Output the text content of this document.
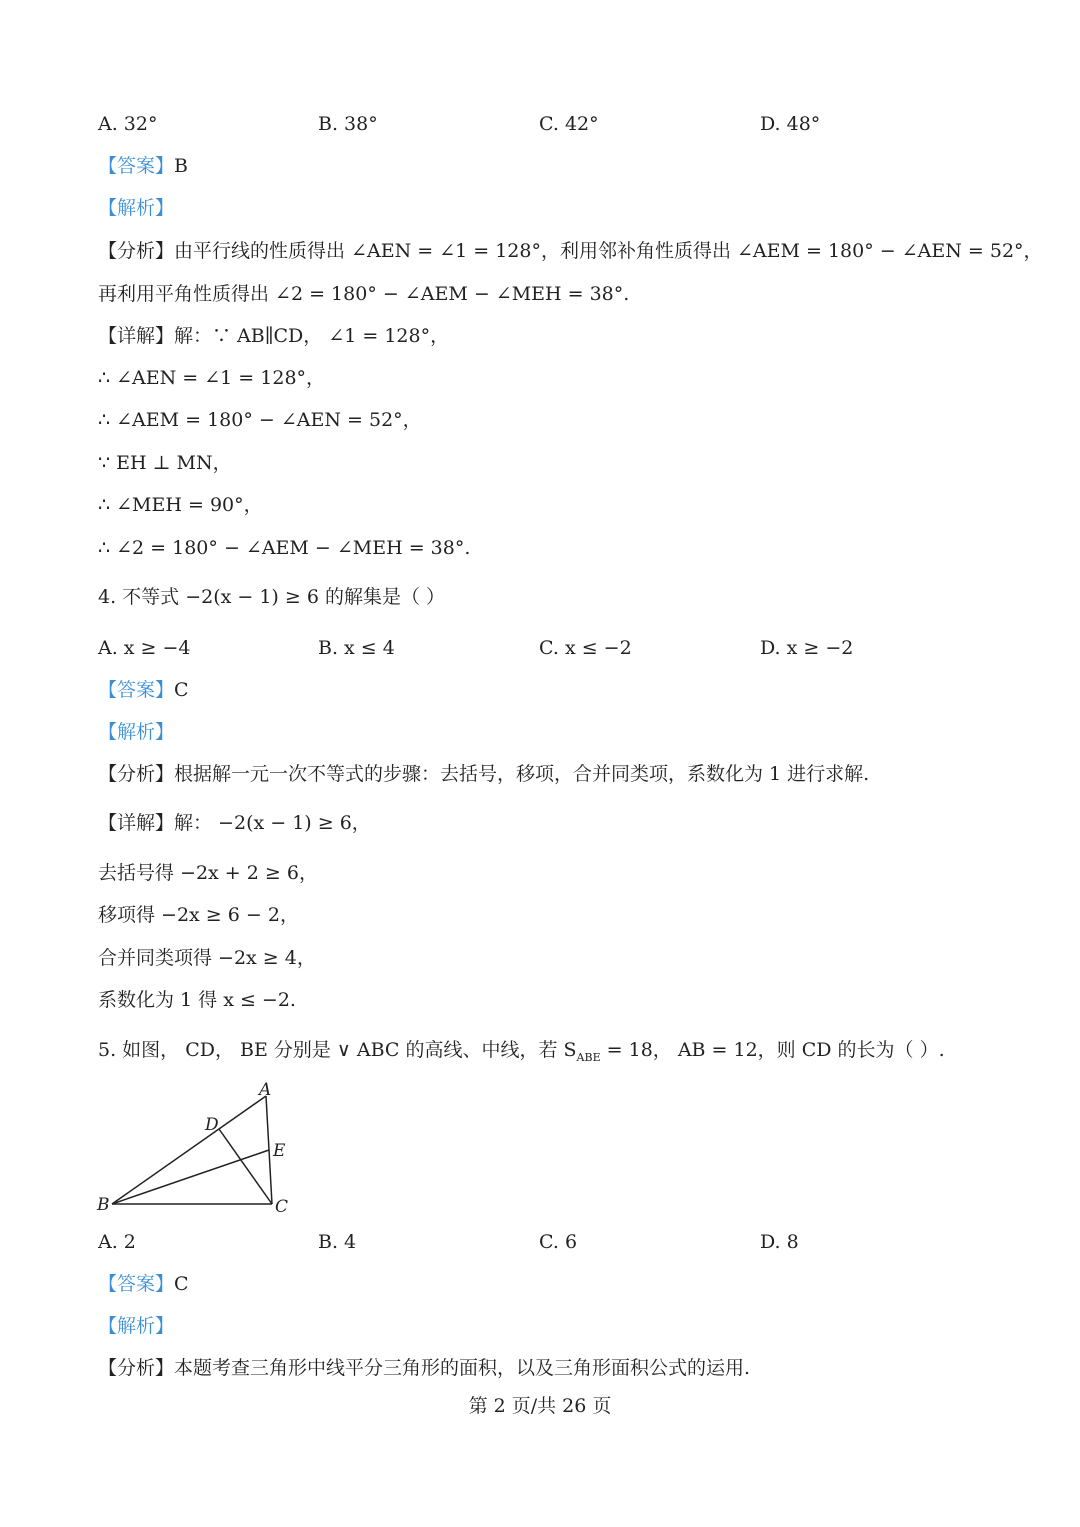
A. 32°	B. 38°	C. 42°	D. 48°
【答案】B
【解析】
【分析】由平行线的性质得出 ∠AEN = ∠1 = 128°，利用邻补角性质得出 ∠AEM = 180° − ∠AEN = 52°，
再利用平角性质得出 ∠2 = 180° − ∠AEM − ∠MEH = 38°.
【详解】解：∵ AB∥CD， ∠1 = 128°，
∴ ∠AEN = ∠1 = 128°，
∴ ∠AEM = 180° − ∠AEN = 52°，
∵ EH ⊥ MN，
∴ ∠MEH = 90°，
∴ ∠2 = 180° − ∠AEM − ∠MEH = 38°.
4. 不等式 −2(x − 1) ≥ 6 的解集是（ ）
A. x ≥ −4	B. x ≤ 4	C. x ≤ −2	D. x ≥ −2
【答案】C
【解析】
【分析】根据解一元一次不等式的步骤：去括号，移项，合并同类项，系数化为 1 进行求解.
【详解】解： −2(x − 1) ≥ 6，
去括号得 −2x + 2 ≥ 6，
移项得 −2x ≥ 6 − 2，
合并同类项得 −2x ≥ 4，
系数化为 1 得 x ≤ −2.
5. 如图， CD， BE 分别是 ∨ ABC 的高线、中线，若 $S_{ABE} = 18$， AB = 12，则 CD 的长为（ ）.
A
B	C
D
E
A. 2	B. 4	C. 6	D. 8
【答案】C
【解析】
【分析】本题考查三角形中线平分三角形的面积，以及三角形面积公式的运用.
第 2 页/共 26 页
